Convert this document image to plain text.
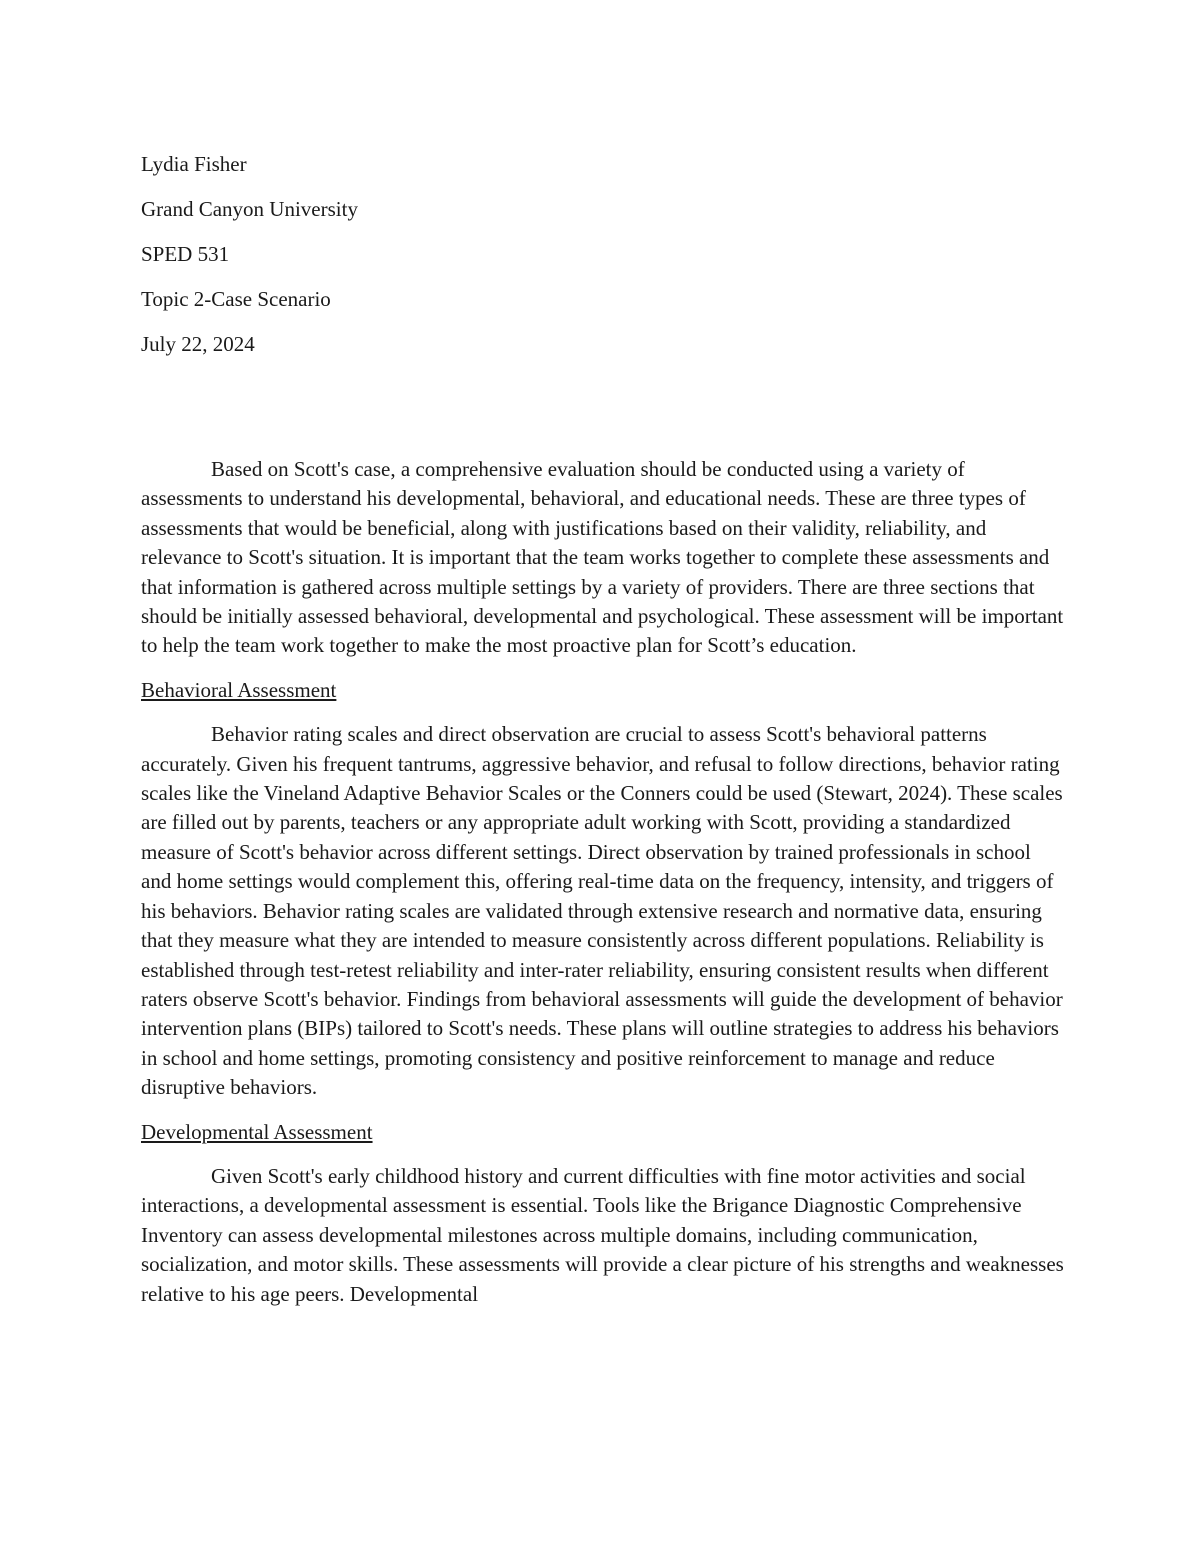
Lydia Fisher

Grand Canyon University

SPED 531

Topic 2-Case Scenario

July 22, 2024

Based on Scott's case, a comprehensive evaluation should be conducted using a variety of assessments to understand his developmental, behavioral, and educational needs. These are three types of assessments that would be beneficial, along with justifications based on their validity, reliability, and relevance to Scott's situation. It is important that the team works together to complete these assessments and that information is gathered across multiple settings by a variety of providers. There are three sections that should be initially assessed behavioral, developmental and psychological. These assessment will be important to help the team work together to make the most proactive plan for Scott’s education.

Behavioral Assessment

Behavior rating scales and direct observation are crucial to assess Scott's behavioral patterns accurately. Given his frequent tantrums, aggressive behavior, and refusal to follow directions, behavior rating scales like the Vineland Adaptive Behavior Scales or the Conners could be used (Stewart, 2024). These scales are filled out by parents, teachers or any appropriate adult working with Scott, providing a standardized measure of Scott's behavior across different settings. Direct observation by trained professionals in school and home settings would complement this, offering real-time data on the frequency, intensity, and triggers of his behaviors. Behavior rating scales are validated through extensive research and normative data, ensuring that they measure what they are intended to measure consistently across different populations. Reliability is established through test-retest reliability and inter-rater reliability, ensuring consistent results when different raters observe Scott's behavior. Findings from behavioral assessments will guide the development of behavior intervention plans (BIPs) tailored to Scott's needs. These plans will outline strategies to address his behaviors in school and home settings, promoting consistency and positive reinforcement to manage and reduce disruptive behaviors.

Developmental Assessment

Given Scott's early childhood history and current difficulties with fine motor activities and social interactions, a developmental assessment is essential. Tools like the Brigance Diagnostic Comprehensive Inventory can assess developmental milestones across multiple domains, including communication, socialization, and motor skills. These assessments will provide a clear picture of his strengths and weaknesses relative to his age peers. Developmental
